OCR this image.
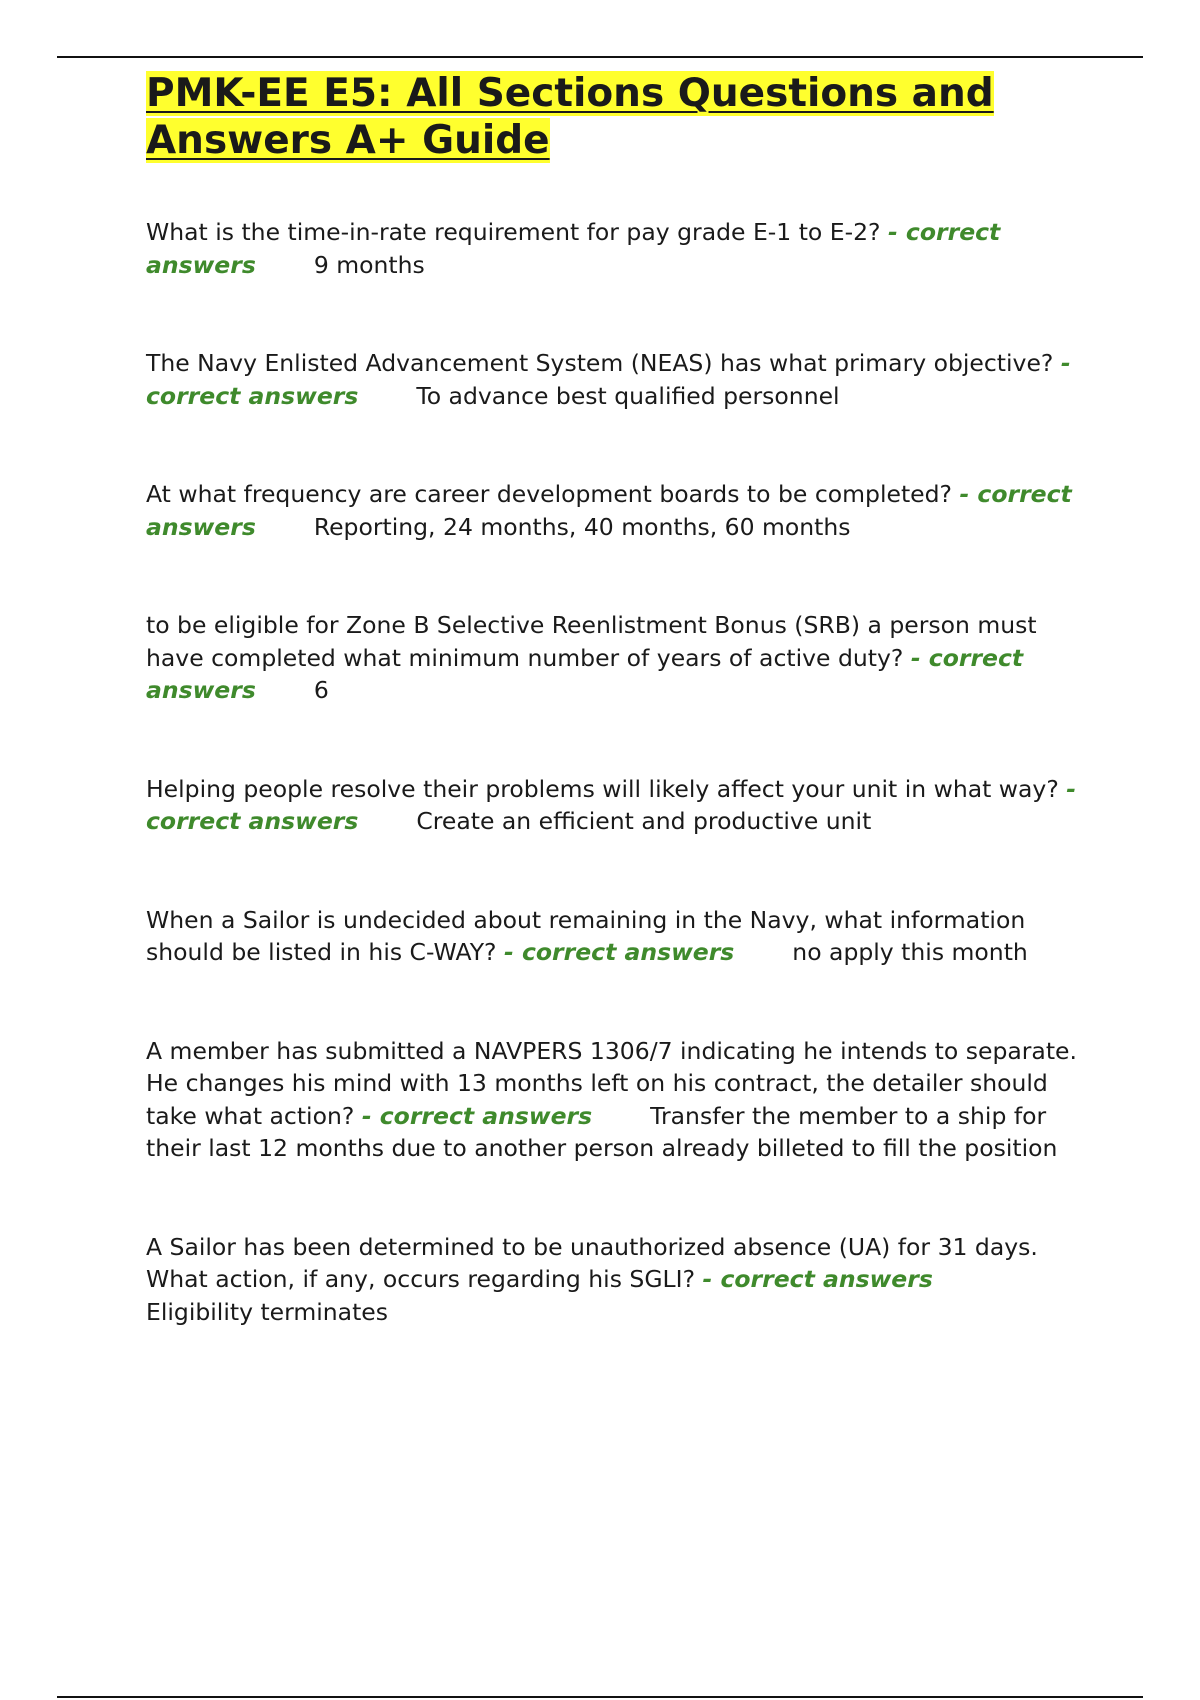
PMK-EE E5: All Sections Questions and Answers A+ Guide

What is the time-in-rate requirement for pay grade E-1 to E-2? - correct answers 9 months

The Navy Enlisted Advancement System (NEAS) has what primary objective? - correct answers To advance best qualified personnel

At what frequency are career development boards to be completed? - correct answers Reporting, 24 months, 40 months, 60 months

to be eligible for Zone B Selective Reenlistment Bonus (SRB) a person must have completed what minimum number of years of active duty? - correct answers 6

Helping people resolve their problems will likely affect your unit in what way? - correct answers Create an efficient and productive unit

When a Sailor is undecided about remaining in the Navy, what information should be listed in his C-WAY? - correct answers no apply this month

A member has submitted a NAVPERS 1306/7 indicating he intends to separate. He changes his mind with 13 months left on his contract, the detailer should take what action? - correct answers Transfer the member to a ship for their last 12 months due to another person already billeted to fill the position

A Sailor has been determined to be unauthorized absence (UA) for 31 days. What action, if any, occurs regarding his SGLI? - correct answersEligibility terminates
